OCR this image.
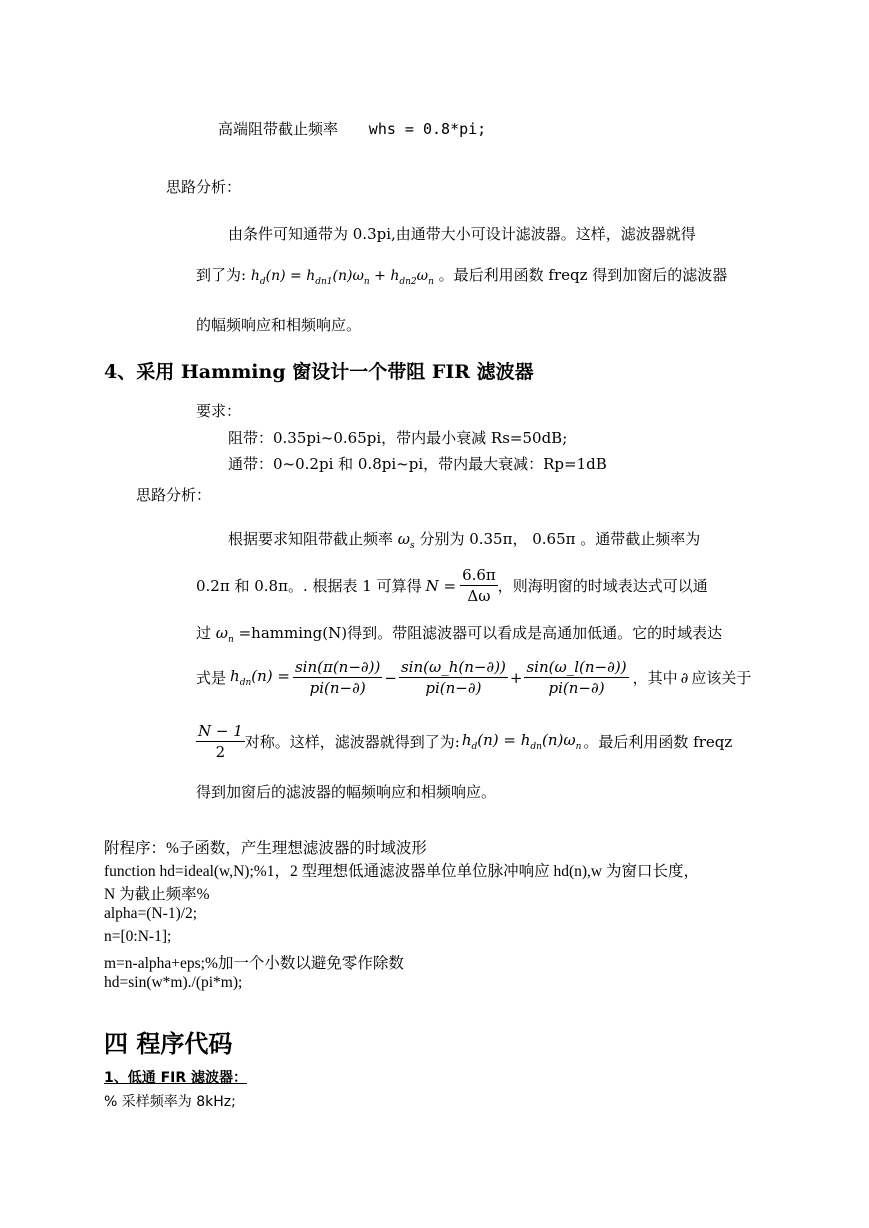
高端阻带截止频率 whs = 0.8*pi;
思路分析：
由条件可知通带为 0.3pi,由通带大小可设计滤波器。这样，滤波器就得
到了为: $h_d(n) = h_{dn1}(n)\omega_n + h_{dn2}\omega_n$ 。最后利用函数 freqz 得到加窗后的滤波器
的幅频响应和相频响应。
4、采用 Hamming 窗设计一个带阻 FIR 滤波器
要求：
阻带：0.35pi~0.65pi，带内最小衰减 Rs=50dB;
通带：0~0.2pi 和 0.8pi~pi，带内最大衰减：Rp=1dB
思路分析：
根据要求知阻带截止频率 $\omega_s$ 分别为 0.35π， 0.65π 。通带截止频率为
0.2π 和 0.8π。. 根据表 1 可算得 $N = \frac{6.6\pi}{\Delta\omega}$ ，则海明窗的时域表达式可以通
过 $\omega_n =hamming(N)$得到。带阻滤波器可以看成是高通加低通。它的时域表达
式是 $h_{dn}(n) = \frac{\sin(\pi(n-\partial))}{pi(n-\partial)} - \frac{\sin(\omega\_h(n-\partial))}{pi(n-\partial)} + \frac{\sin(\omega\_l(n-\partial))}{pi(n-\partial)}$ ，其中 ∂ 应该关于
$\frac{N - 1}{2}$ 对称。这样，滤波器就得到了为: $h_d(n) = h_{dn}(n)\omega_n$ 。最后利用函数 freqz
得到加窗后的滤波器的幅频响应和相频响应。
附程序：%子函数，产生理想滤波器的时域波形
function hd=ideal(w,N);%1，2 型理想低通滤波器单位单位脉冲响应 hd(n),w 为窗口长度，
N 为截止频率%
alpha=(N-1)/2;
n=[0:N-1];
m=n-alpha+eps;%加一个小数以避免零作除数
hd=sin(w*m)./(pi*m);
四 程序代码
1、低通 FIR 滤波器：
% 采样频率为 8kHz;
